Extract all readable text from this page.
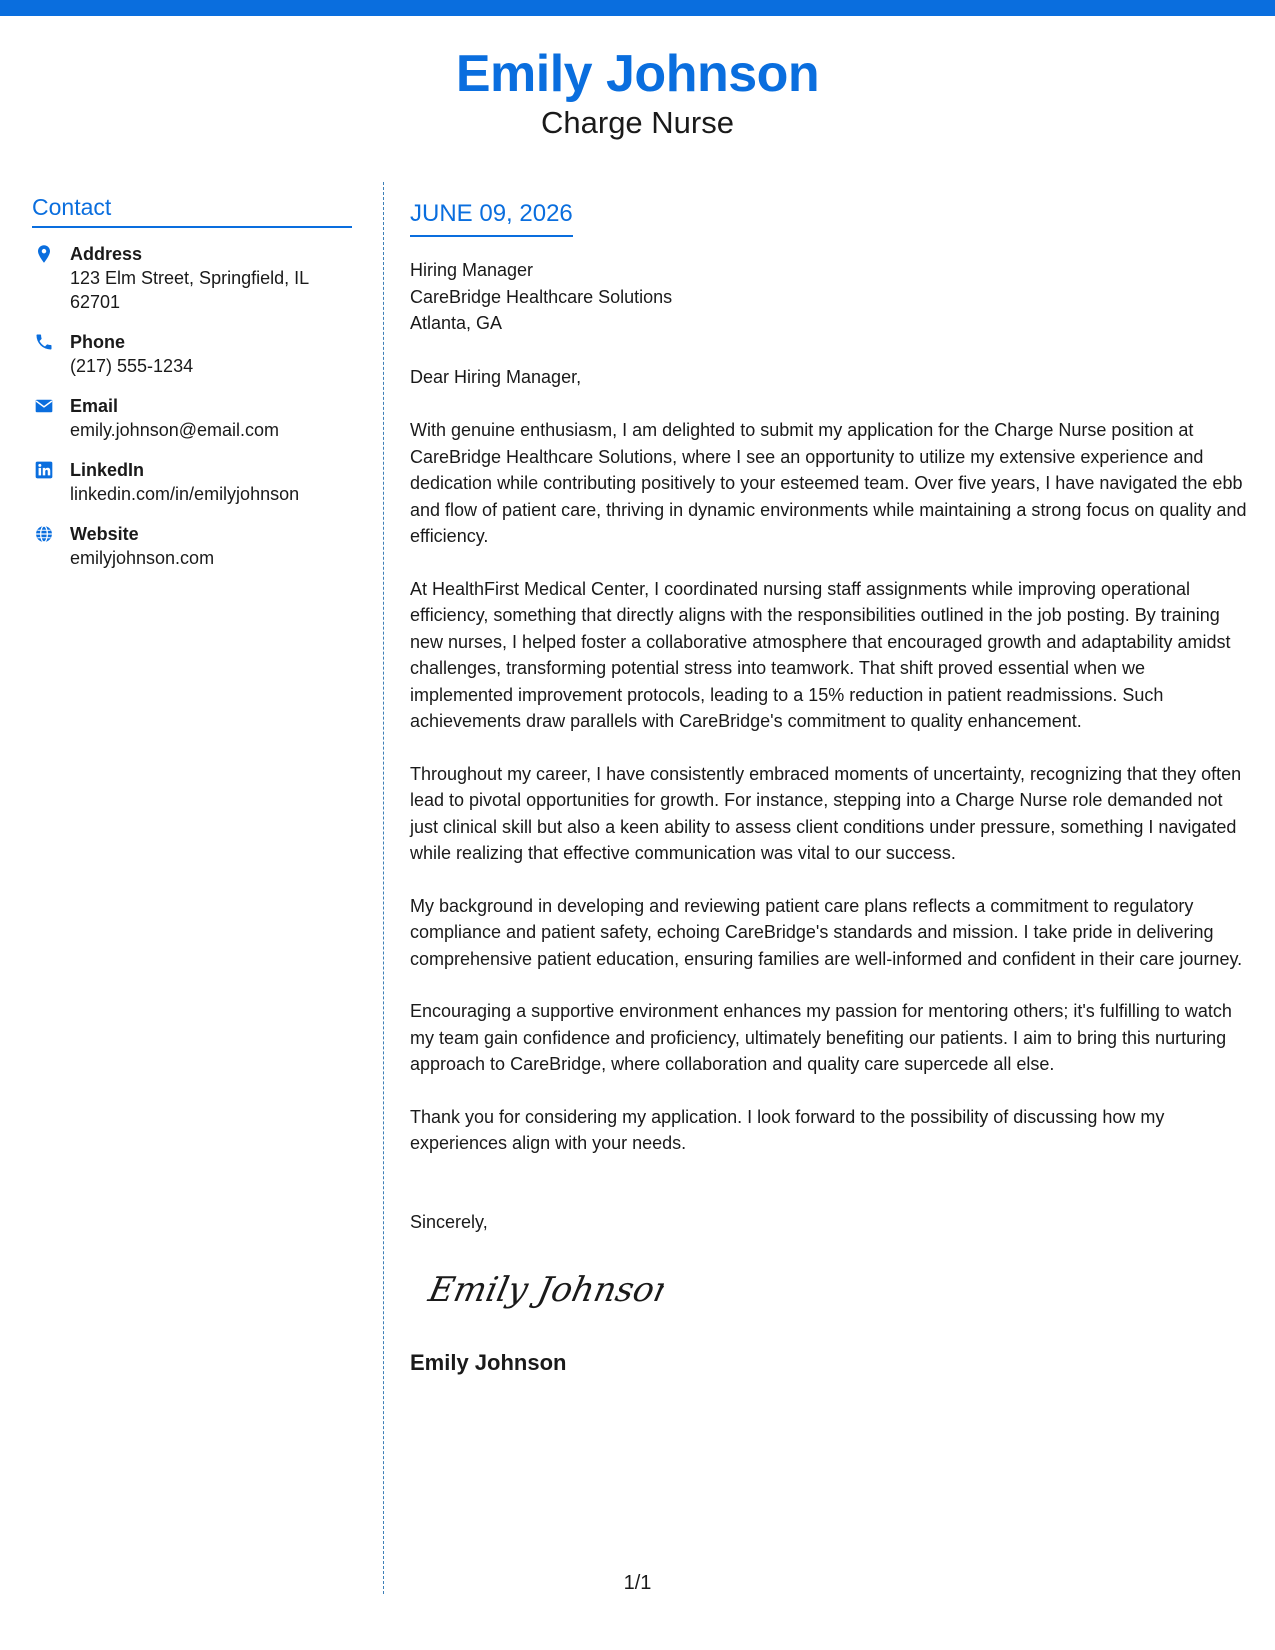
Emily Johnson
Charge Nurse
Contact
Address
123 Elm Street, Springfield, IL 62701
Phone
(217) 555-1234
Email
emily.johnson@email.com
LinkedIn
linkedin.com/in/emilyjohnson
Website
emilyjohnson.com
JUNE 09, 2026
Hiring Manager
CareBridge Healthcare Solutions
Atlanta, GA
Dear Hiring Manager,

With genuine enthusiasm, I am delighted to submit my application for the Charge Nurse position at CareBridge Healthcare Solutions, where I see an opportunity to utilize my extensive experience and dedication while contributing positively to your esteemed team. Over five years, I have navigated the ebb and flow of patient care, thriving in dynamic environments while maintaining a strong focus on quality and efficiency.

At HealthFirst Medical Center, I coordinated nursing staff assignments while improving operational efficiency, something that directly aligns with the responsibilities outlined in the job posting. By training new nurses, I helped foster a collaborative atmosphere that encouraged growth and adaptability amidst challenges, transforming potential stress into teamwork. That shift proved essential when we implemented improvement protocols, leading to a 15% reduction in patient readmissions. Such achievements draw parallels with CareBridge's commitment to quality enhancement.

Throughout my career, I have consistently embraced moments of uncertainty, recognizing that they often lead to pivotal opportunities for growth. For instance, stepping into a Charge Nurse role demanded not just clinical skill but also a keen ability to assess client conditions under pressure, something I navigated while realizing that effective communication was vital to our success.

My background in developing and reviewing patient care plans reflects a commitment to regulatory compliance and patient safety, echoing CareBridge's standards and mission. I take pride in delivering comprehensive patient education, ensuring families are well-informed and confident in their care journey.

Encouraging a supportive environment enhances my passion for mentoring others; it's fulfilling to watch my team gain confidence and proficiency, ultimately benefiting our patients. I aim to bring this nurturing approach to CareBridge, where collaboration and quality care supercede all else.

Thank you for considering my application. I look forward to the possibility of discussing how my experiences align with your needs.

Sincerely,
Emily Johnson
Emily Johnson
1/1
